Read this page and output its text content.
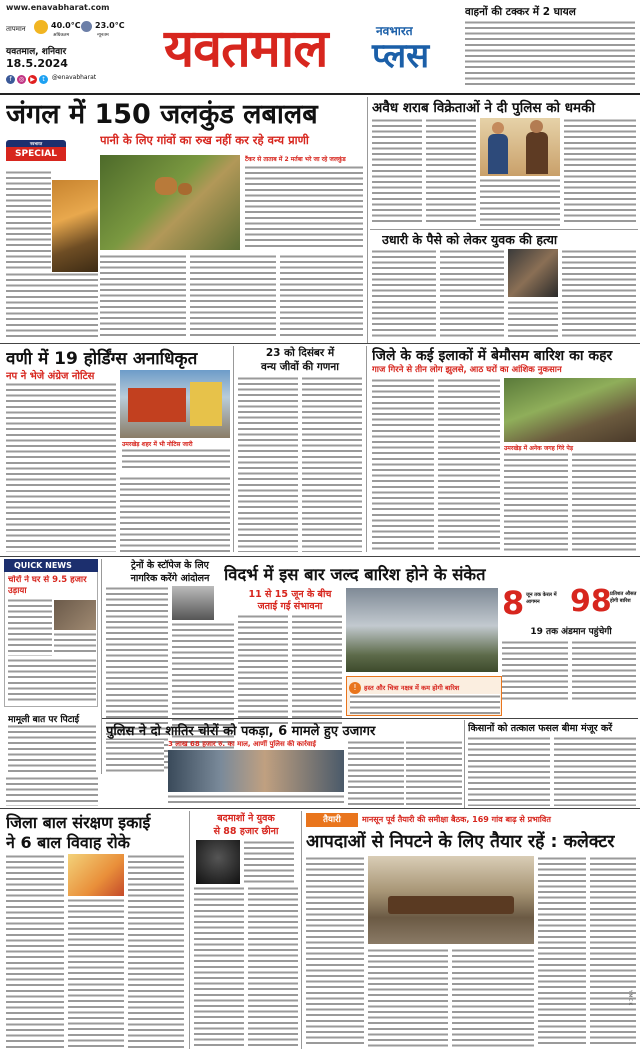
www.enavabharat.com
तापमान	40.0°C
अधिकतम
23.0°C
न्यूनतम
यवतमाल, शनिवार
18.5.2024
f ◎ ▶ t @enavabharat	यवतमाल	नवभारत
प्लस
वाहनों की टक्कर में 2 घायल
जंगल में 150 जलकुंड लबालब
पानी के लिए गांवों का रुख नहीं कर रहे वन्य प्राणी
नवभारत
SPECIAL
टैंकर से ताताब में 2 मर्तबा भरे जा रहे जलकुंड
अवैध शराब विक्रेताओं ने दी पुलिस को धमकी
उधारी के पैसे को लेकर युवक की हत्या
वणी में 19 होर्डिंग्स अनाधिकृत
नप ने भेजे अंग्रेज नोटिस
उमरखेड़ शहर में भी नोटिस जारी
23 को दिसंबर में
वन्य जीवों की गणना
जिले के कई इलाकों में बेमौसम बारिश का कहर
गाज गिरने से तीन लोग झुलसे, आठ घरों का आंशिक नुकसान
उमरखेड़ में अनेक जगह गिरे पेड़
QUICK NEWS
चोरों ने घर से 9.5 हजार उड़ाया
मामूली बात पर पिटाई
ट्रेनों के स्टॉपेज के लिए
नागरिक करेंगे आंदोलन विदर्भ में इस बार जल्द बारिश होने के संकेत
11 से 15 जून के बीच
जताई गई संभावना	8 जून तक केरल में आगमन	98
प्रतिशत औसत होगी बारिश
19 तक अंडमान पहुंचेगी
!	हस्त और चित्रा नक्षत्र में कम होगी बारिश
पुलिस ने दो शातिर चोरों को पकड़ा, 6 मामले हुए उजागर
3 लाख 68 हजार रु. का माल, आर्णी पुलिस की कार्रवाई
किसानों को तत्काल फसल बीमा मंजूर करें
जिला बाल संरक्षण इकाई
ने 6 बाल विवाह रोके
बदमाशों ने युवक
से 88 हजार छीना
तैयारी	मानसून पूर्व तैयारी की समीक्षा बैठक, 169 गांव बाढ़ से प्रभावित
आपदाओं से निपटने के लिए तैयार रहें : कलेक्टर
Y M C K
